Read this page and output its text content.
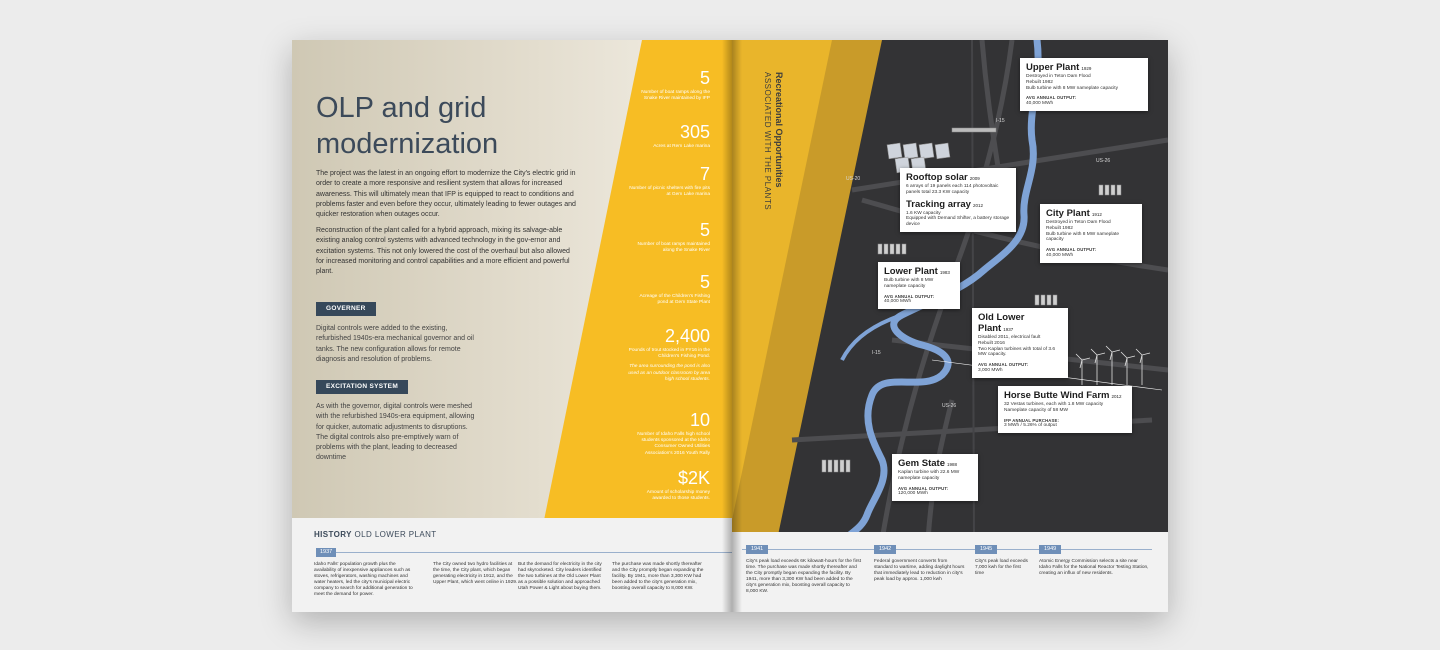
OLP and grid modernization

The project was the latest in an ongoing effort to modernize the City's electric grid in order to create a more responsive and resilient system that allows for increased awareness. This will ultimately mean that IFP is equipped to react to conditions and problems faster and even before they occur, ultimately leading to fewer outages and quicker restoration when outages occur.

Reconstruction of the plant called for a hybrid approach, mixing its salvage-able existing analog control systems with advanced technology in the gov-ernor and excitation systems. This not only lowered the cost of the overhaul but also allowed for increased monitoring and control capabilities and a more efficient and powerful plant.

GOVERNER

Digital controls were added to the existing, refurbished 1940s-era mechanical governor and oil tanks. The new configuration allows for remote diagnosis and resolution of problems.

EXCITATION SYSTEM

As with the governor, digital controls were meshed with the refurbished 1940s-era equipment, allowing for quicker, automatic adjustments to disruptions. The digital controls also pre-emptively warn of problems with the plant, leading to decreased downtime

5
Number of boat ramps along the Snake River maintained by IFP
305
Acres at Rem Lake marina
7
Number of picnic shelters with fire pits at Gem Lake marina
5
Number of boat ramps maintained along the Snake River
5
Acreage of the Children's Fishing pond at Gem State Plant
2,400
Pounds of trout stocked in FY16 in the Children's Fishing Pond.
The area surrounding the pond is also used as an outdoor classroom by area high school students.
10
Number of Idaho Falls high school students sponsored at the Idaho Consumer Owned Utilities Association's 2016 Youth Rally
$2K
Amount of scholarship money awarded to those students.
HISTORY OLD LOWER PLANT
1937

Idaho Falls' population growth plus the availability of inexpensive appliances such as stoves, refrigerators, washing machines and water heaters, led the city's municipal electric company to search for additional generation to meet the demand for power.

The City owned two hydro facilities at the time, the City plant, which began generating electricity in 1912, and the Upper Plant, which went online in 1929.

But the demand for electricity in the city had skyrocketed. City leaders identified the two turbines at the Old Lower Plant as a possible solution and approached Utah Power & Light about buying them.

The purchase was made shortly thereafter and the City promptly began expanding the facility. By 1941, more than 3,300 KW had been added to the city's generation mix, boosting overall capacity to 8,000 KW.

Recreational Opportunities
ASSOCIATED WITH THE PLANTS	I-15
US-26
US-20
I-15
US-26
Upper Plant 1929

Destroyed in Teton Dam Flood

Rebuilt 1982

Bulb turbine with 8 MW nameplate capacity

AVG ANNUAL OUTPUT:

40,000 MWh

Rooftop solar 2009

6 arrays of 19 panels each 114 photovoltaic panels total 23.3 KW capacity

Tracking array 2012

1.6 KW capacity

Equipped with Demand Shifter, a battery storage device

City Plant 1912

Destroyed in Teton Dam Flood

Rebuilt 1982

Bulb turbine with 8 MW nameplate capacity

AVG ANNUAL OUTPUT:

40,000 MWh

Lower Plant 1983

Bulb turbine with 8 MW nameplate capacity

AVG ANNUAL OUTPUT:

40,000 MWh

Old Lower Plant 1937

Disabled 2011, electrical fault

Rebuilt 2016

Two Kaplan turbines with total of 3.6 MW capacity.

AVG ANNUAL OUTPUT:

3,000 MWh

Horse Butte Wind Farm 2012

32 Vestas turbines, each with 1.8 MW capacity

Nameplate capacity of 58 MW

IFP ANNUAL PURCHASE:

3 MWh / 5.26% of output

Gem State 1988

Kaplan turbine with 22.6 MW nameplate capacity

AVG ANNUAL OUTPUT:

120,000 MWh

1941	1942	1945	1949

City's peak load exceeds 6K kilowatt-hours for the first time. The purchase was made shortly thereafter and the City promptly began expanding the facility. By 1941, more than 3,300 KW had been added to the city's generation mix, boosting overall capacity to 8,000 KW.

Federal government converts from standard to wartime, adding daylight hours that immediately lead to reduction in city's peak load by approx. 1,000 kwh

City's peak load exceeds 7,000 kwh for the first time

Atomic Energy Commission selects a site near Idaho Falls for the National Reactor Testing Station, creating an influx of new residents.
